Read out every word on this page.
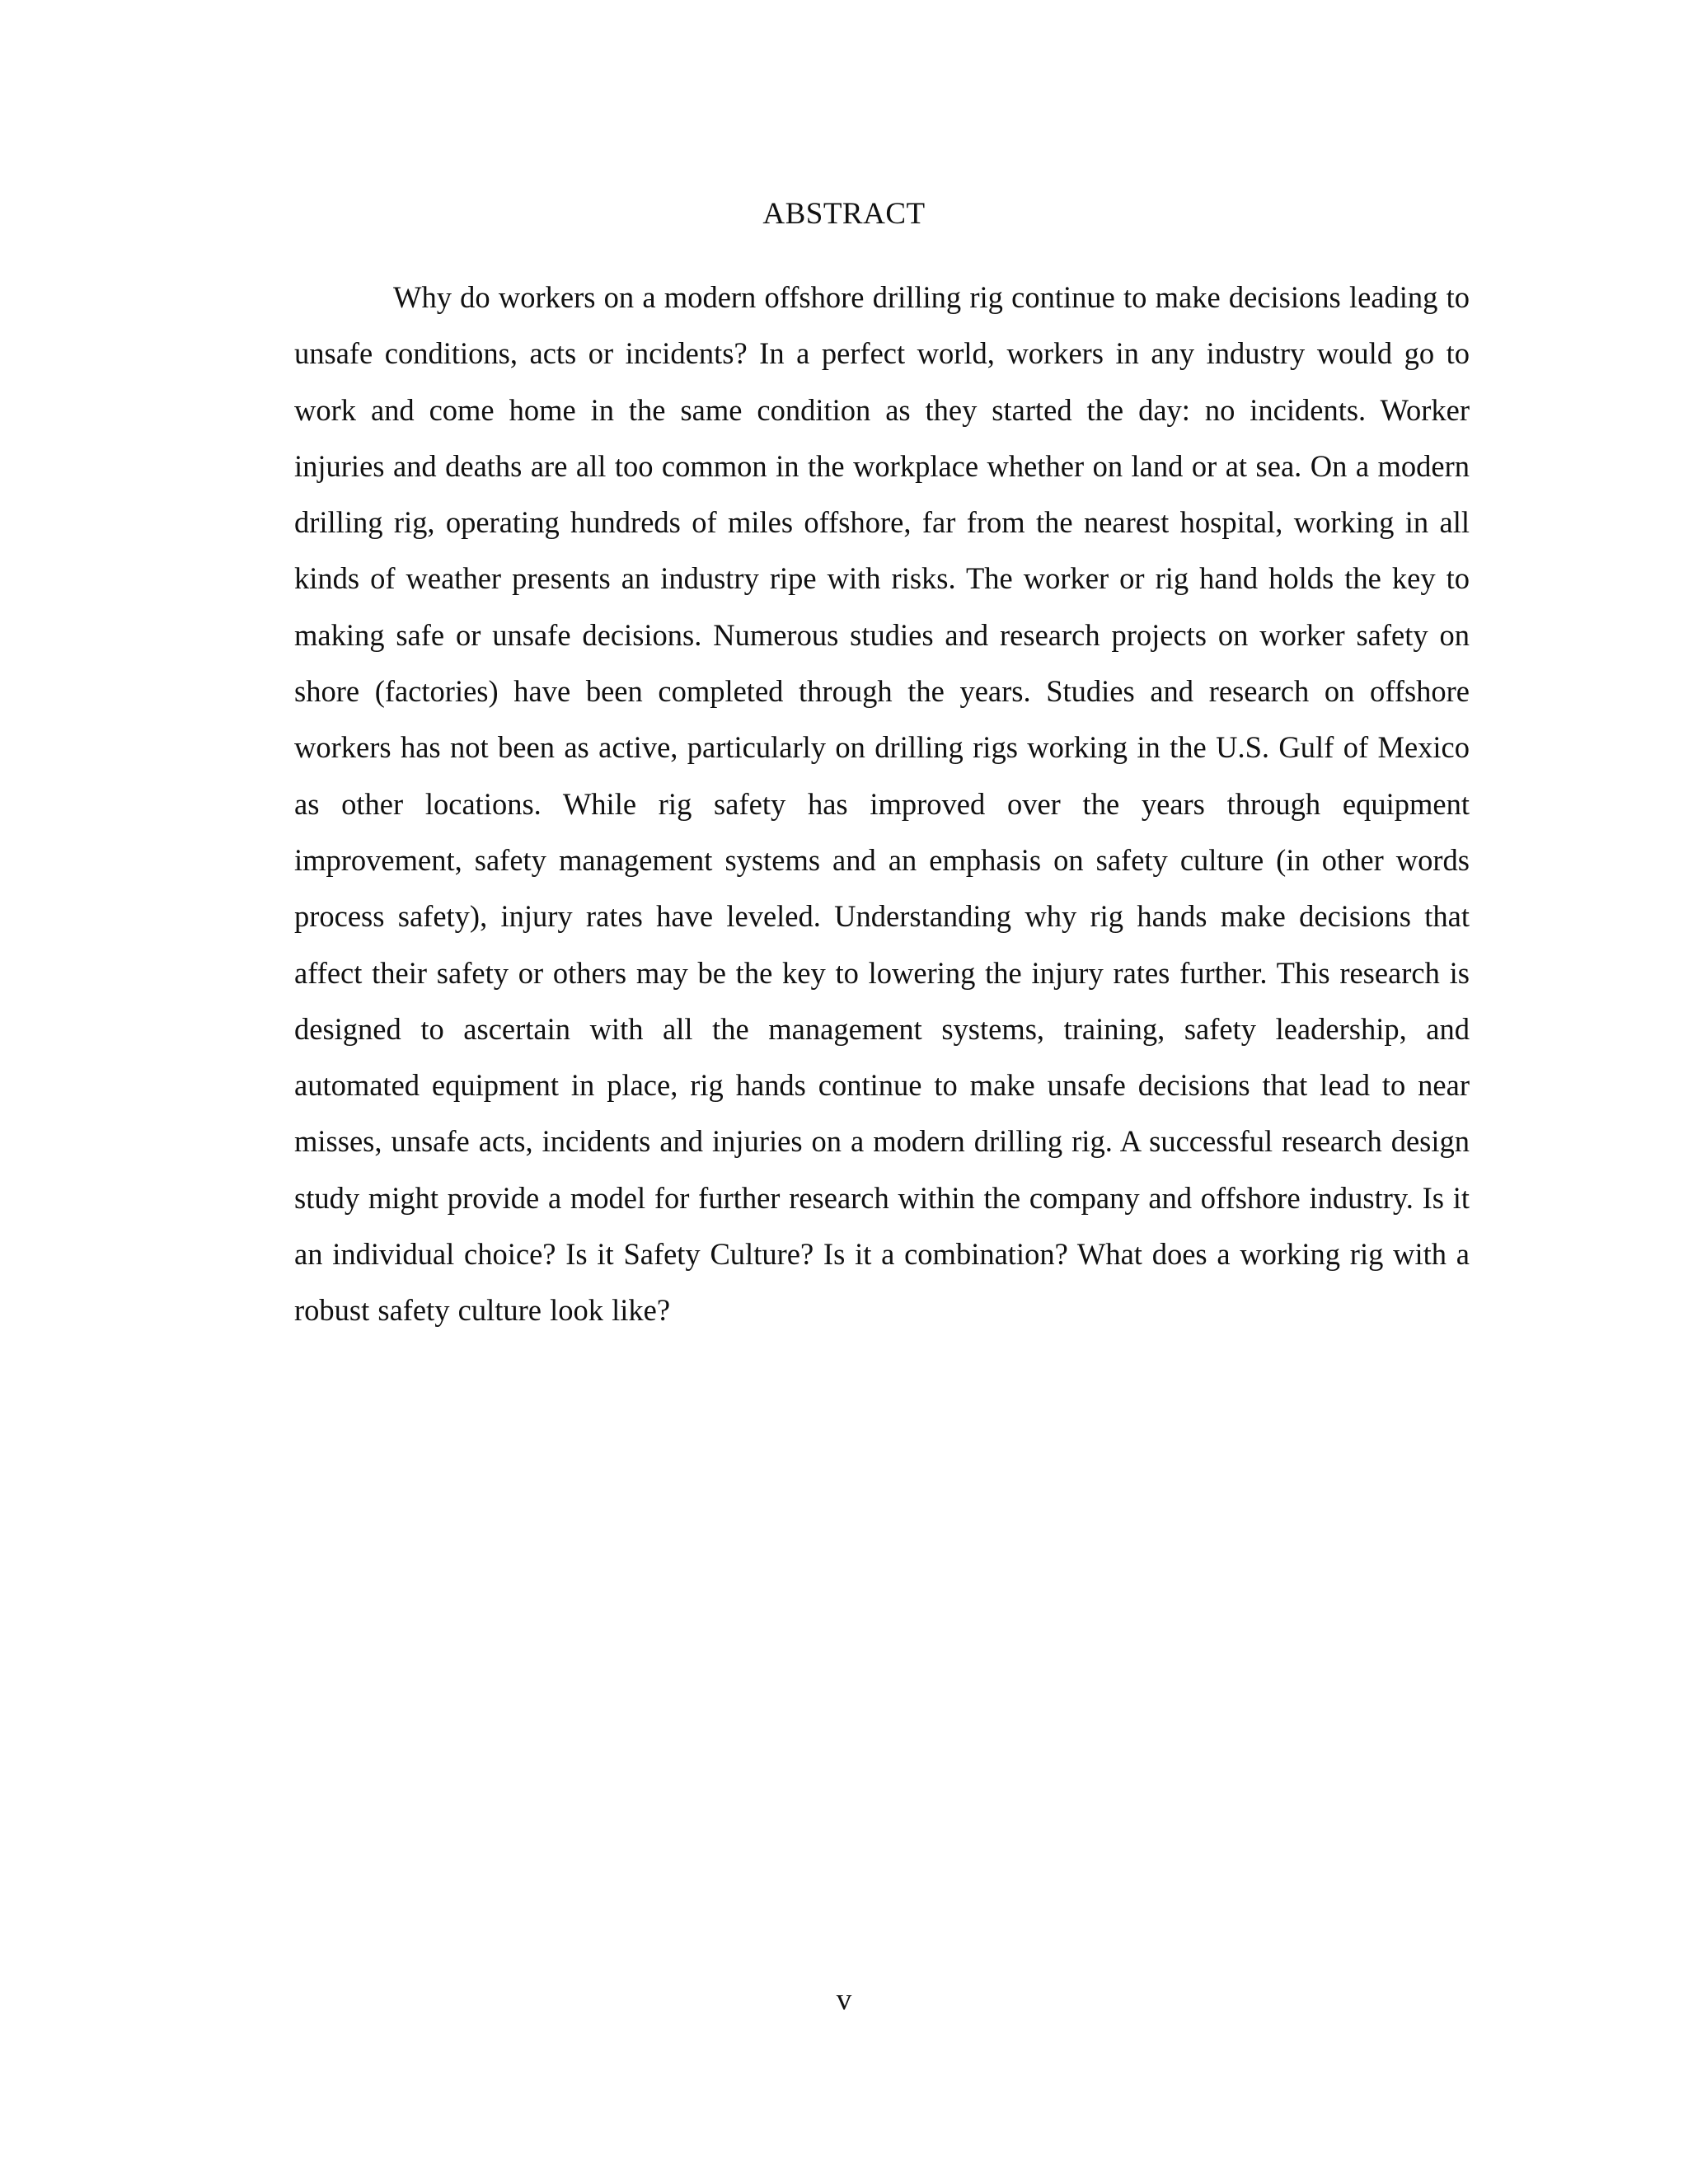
ABSTRACT

Why do workers on a modern offshore drilling rig continue to make decisions leading to unsafe conditions, acts or incidents? In a perfect world, workers in any industry would go to work and come home in the same condition as they started the day: no incidents. Worker injuries and deaths are all too common in the workplace whether on land or at sea. On a modern drilling rig, operating hundreds of miles offshore, far from the nearest hospital, working in all kinds of weather presents an industry ripe with risks. The worker or rig hand holds the key to making safe or unsafe decisions. Numerous studies and research projects on worker safety on shore (factories) have been completed through the years. Studies and research on offshore workers has not been as active, particularly on drilling rigs working in the U.S. Gulf of Mexico as other locations. While rig safety has improved over the years through equipment improvement, safety management systems and an emphasis on safety culture (in other words process safety), injury rates have leveled. Understanding why rig hands make decisions that affect their safety or others may be the key to lowering the injury rates further. This research is designed to ascertain with all the management systems, training, safety leadership, and automated equipment in place, rig hands continue to make unsafe decisions that lead to near misses, unsafe acts, incidents and injuries on a modern drilling rig. A successful research design study might provide a model for further research within the company and offshore industry. Is it an individual choice? Is it Safety Culture? Is it a combination? What does a working rig with a robust safety culture look like?

v
